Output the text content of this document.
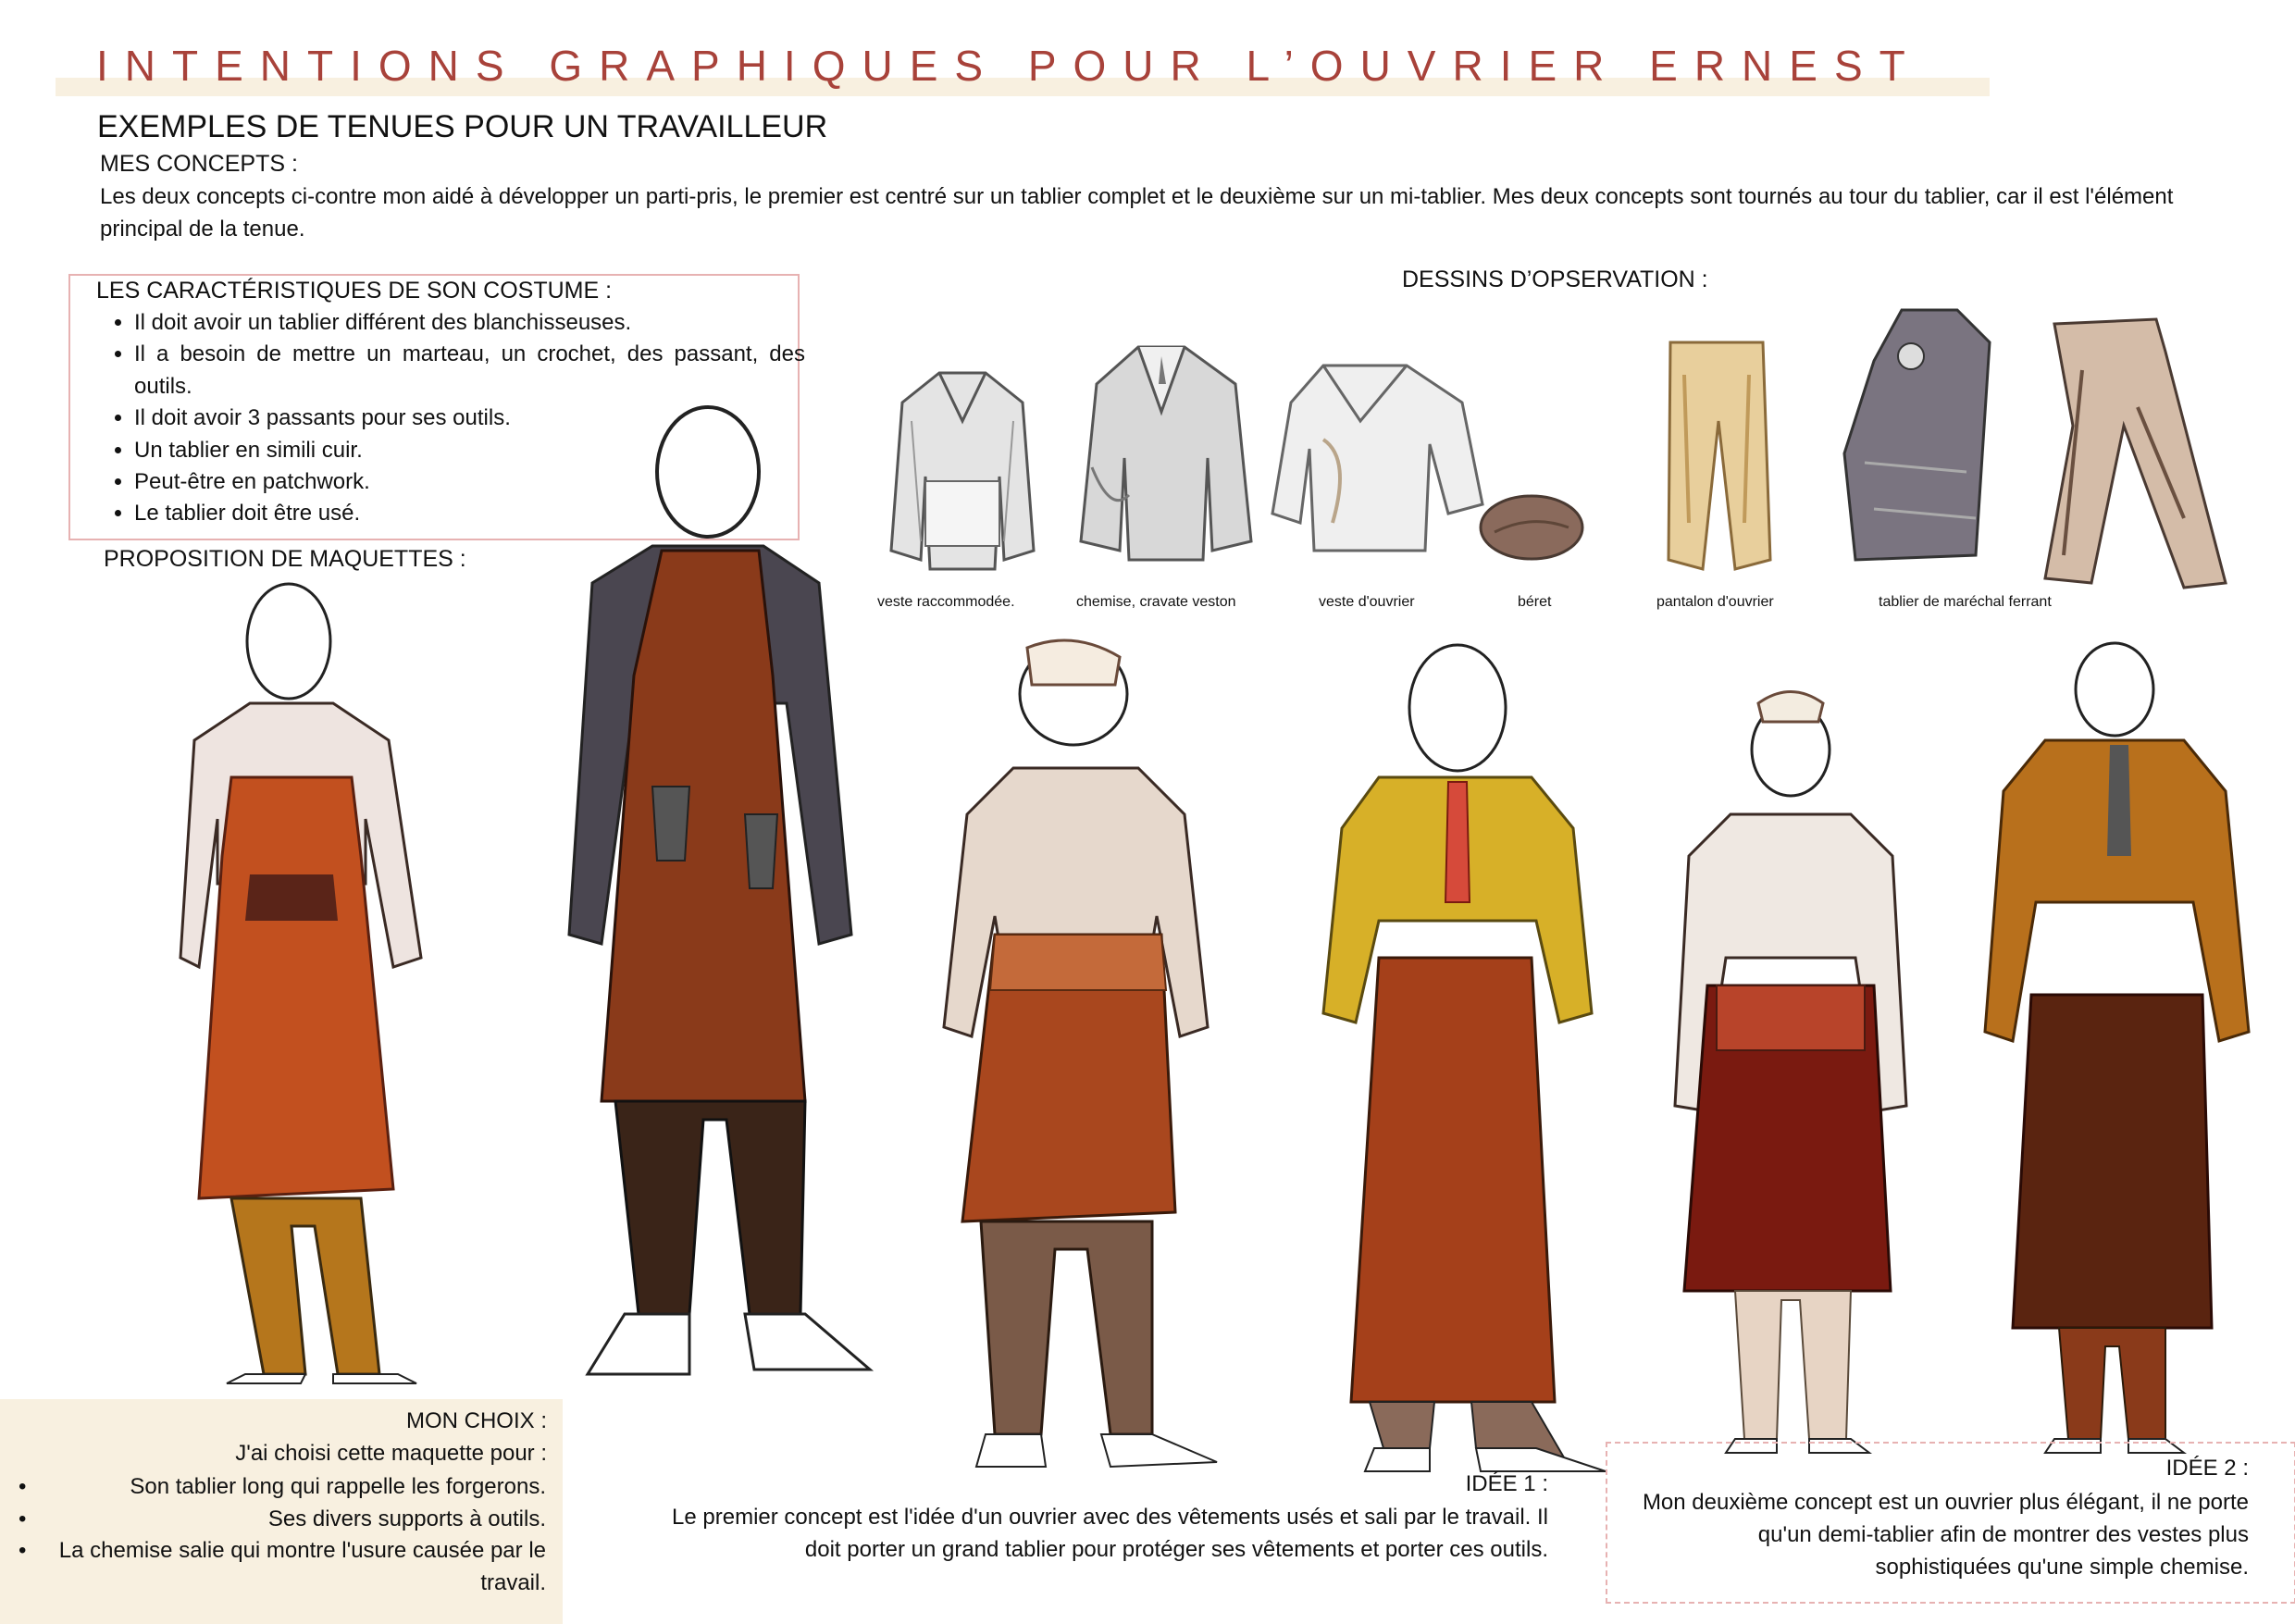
INTENTIONS GRAPHIQUES POUR L’OUVRIER ERNEST
EXEMPLES DE TENUES POUR UN TRAVAILLEUR
MES CONCEPTS :
Les deux concepts ci-contre mon aidé à développer un parti-pris, le premier est centré sur un tablier complet et le deuxième sur un mi-tablier. Mes deux concepts sont tournés au tour du tablier, car il est l'élément principal de la tenue.
LES CARACTÉRISTIQUES DE SON COSTUME :
• Il doit avoir un tablier différent des blanchisseuses.
• Il a besoin de mettre un marteau, un crochet, des passant, des outils.
• Il doit avoir 3 passants pour ses outils.
• Un tablier en simili cuir.
• Peut-être en patchwork.
• Le tablier doit être usé.
PROPOSITION DE MAQUETTES :
DESSINS D’OPSERVATION :
veste raccommodée.	chemise, cravate veston	veste d'ouvrier	béret	pantalon d'ouvrier	tablier de maréchal ferrant
MON CHOIX :
J'ai choisi cette maquette pour :
•	Son tablier long qui rappelle les forgerons.
•	Ses divers supports à outils.
• La chemise salie qui montre l'usure causée par le travail.
IDÉE 1 :
Le premier concept est l'idée d'un ouvrier avec des vêtements usés et sali par le travail. Il doit porter un grand tablier pour protéger ses vêtements et porter ces outils.
IDÉE 2 :
Mon deuxième concept est un ouvrier plus élégant, il ne porte qu'un demi-tablier afin de montrer des vestes plus sophistiquées qu'une simple chemise.
